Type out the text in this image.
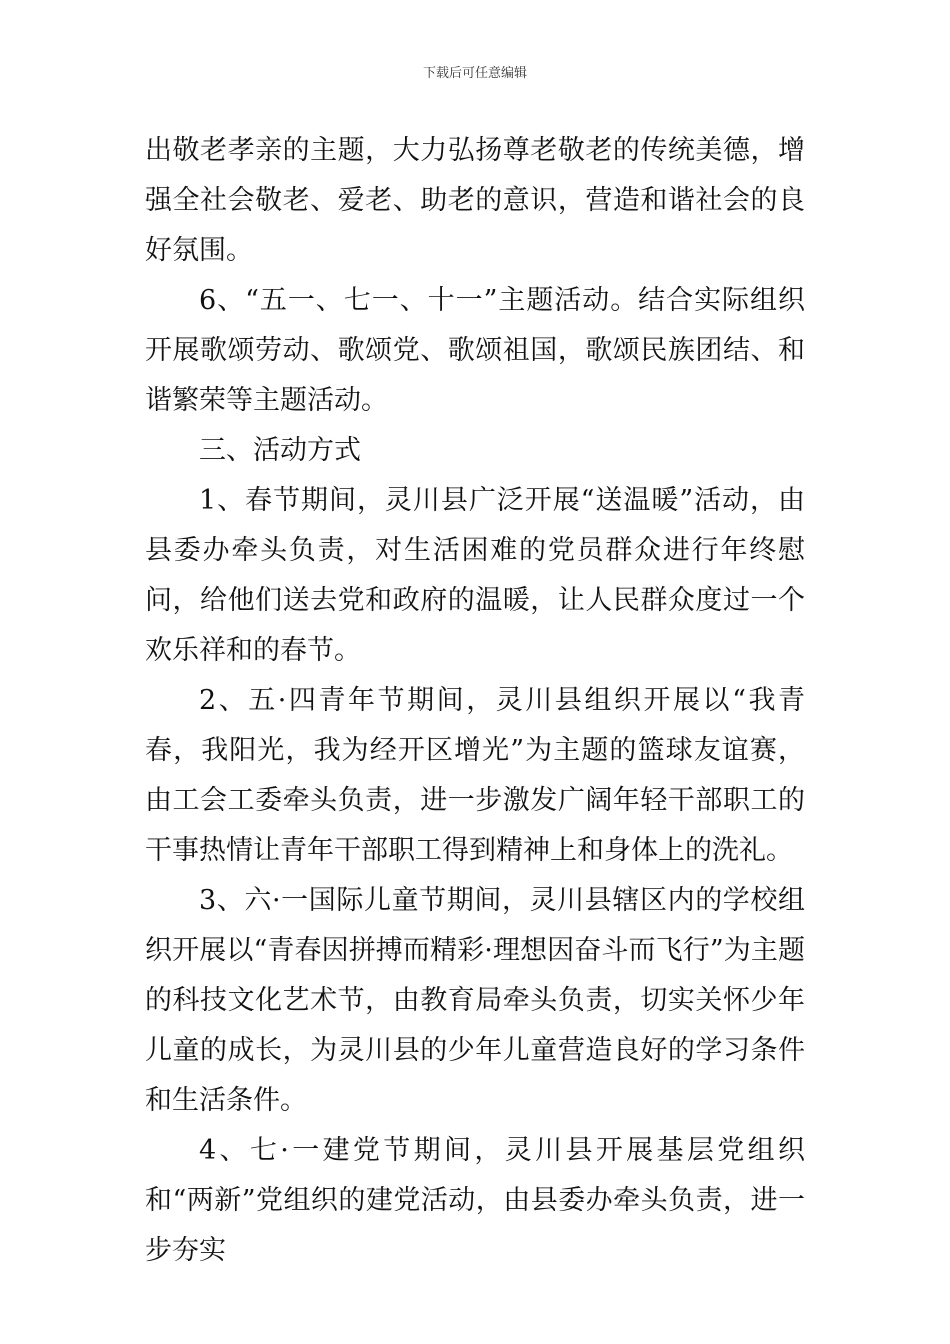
下载后可任意编辑

出敬老孝亲的主题，大力弘扬尊老敬老的传统美德，增强全社会敬老、爱老、助老的意识，营造和谐社会的良好氛围。

6、“五一、七一、十一”主题活动。结合实际组织开展歌颂劳动、歌颂党、歌颂祖国，歌颂民族团结、和谐繁荣等主题活动。

三、活动方式

1、春节期间，灵川县广泛开展“送温暖”活动，由县委办牵头负责，对生活困难的党员群众进行年终慰问，给他们送去党和政府的温暖，让人民群众度过一个欢乐祥和的春节。

2、五·四青年节期间，灵川县组织开展以“我青春，我阳光，我为经开区增光”为主题的篮球友谊赛，由工会工委牵头负责，进一步激发广阔年轻干部职工的干事热情让青年干部职工得到精神上和身体上的洗礼。

3、六·一国际儿童节期间，灵川县辖区内的学校组织开展以“青春因拼搏而精彩·理想因奋斗而飞行”为主题的科技文化艺术节，由教育局牵头负责，切实关怀少年儿童的成长，为灵川县的少年儿童营造良好的学习条件和生活条件。

4、七·一建党节期间，灵川县开展基层党组织和“两新”党组织的建党活动，由县委办牵头负责，进一步夯实
